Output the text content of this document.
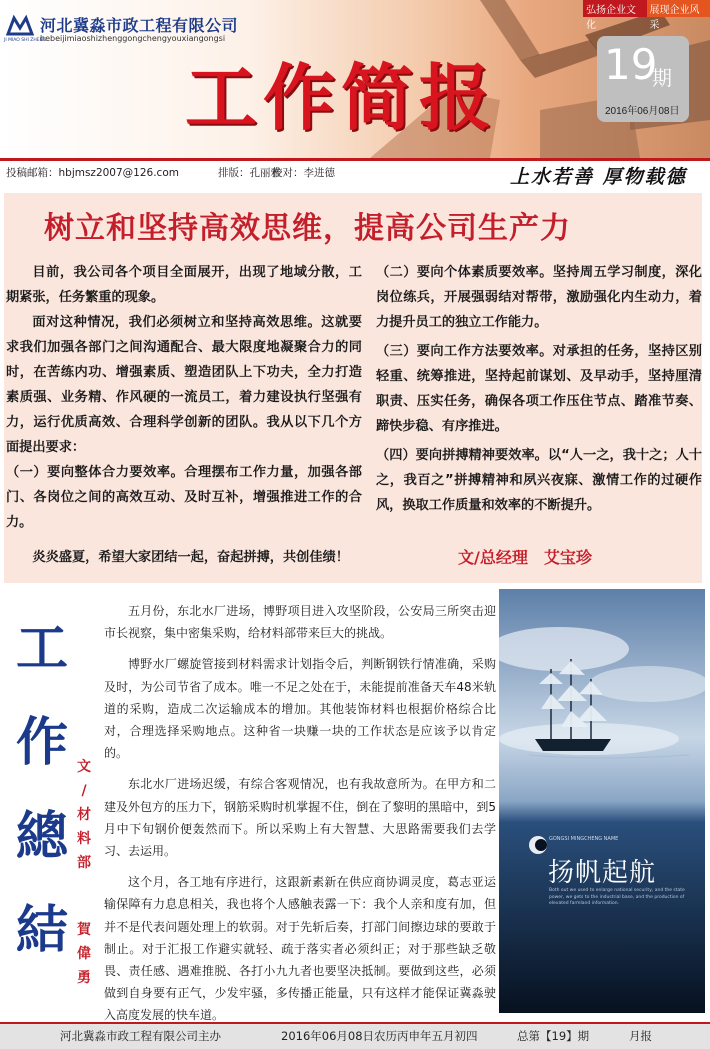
JI MIAO SHI ZHENG
河北冀淼市政工程有限公司
hebeijimiaoshizhenggongchengyouxiangongsi
弘扬企业文化
展现企业风采
工作简报	19
期
2016年06月08日
投稿邮箱：hbjmsz2007@126.com	排版：孔丽雅
校对：李进德	上水若善 厚物载德
树立和坚持高效思维，提高公司生产力

目前，我公司各个项目全面展开，出现了地域分散，工期紧张，任务繁重的现象。

面对这种情况，我们必须树立和坚持高效思维。这就要求我们加强各部门之间沟通配合、最大限度地凝聚合力的同时，在苦练内功、增强素质、塑造团队上下功夫，全力打造素质强、业务精、作风硬的一流员工，着力建设执行坚强有力，运行优质高效、合理科学创新的团队。我从以下几个方面提出要求：

（一）要向整体合力要效率。合理摆布工作力量，加强各部门、各岗位之间的高效互动、及时互补，增强推进工作的合力。

炎炎盛夏，希望大家团结一起，奋起拼搏，共创佳绩！

（二）要向个体素质要效率。坚持周五学习制度，深化岗位练兵，开展强弱结对帮带，激励强化内生动力，着力提升员工的独立工作能力。

（三）要向工作方法要效率。对承担的任务，坚持区别轻重、统筹推进，坚持起前谋划、及早动手，坚持厘清职责、压实任务，确保各项工作压住节点、踏准节奏、蹄快步稳、有序推进。

（四）要向拼搏精神要效率。以“人一之，我十之；人十之，我百之”拼搏精神和夙兴夜寐、激情工作的过硬作风，换取工作质量和效率的不断提升。

文/总经理　艾宝珍
工
作
總
結
文
/
材
料
部
賀
偉
勇

五月份，东北水厂进场，博野项目进入攻坚阶段，公安局三所突击迎市长视察，集中密集采购，给材料部带来巨大的挑战。

博野水厂螺旋管接到材料需求计划指令后，判断钢铁行情准确，采购及时，为公司节省了成本。唯一不足之处在于，未能提前准备天车48米轨道的采购，造成二次运输成本的增加。其他装饰材料也根据价格综合比对，合理选择采购地点。这种省一块赚一块的工作状态是应该予以肯定的。

东北水厂进场迟缓，有综合客观情况，也有我故意所为。在甲方和二建及外包方的压力下，钢筋采购时机掌握不住，倒在了黎明的黑暗中，到5月中下旬钢价便轰然而下。所以采购上有大智慧、大思路需要我们去学习、去运用。

这个月，各工地有序进行，这跟新素新在供应商协调灵度，葛志亚运输保障有力息息相关，我也将个人感触表露一下：我个人亲和度有加，但并不是代表问题处理上的软弱。对于先斩后奏，打部门间擦边球的要敢于制止。对于汇报工作避实就轻、疏于落实者必须纠正；对于那些缺乏敬畏、责任感、遇难推脱、各打小九九者也要坚决抵制。要做到这些，必须做到自身要有正气，少发牢骚，多传播正能量，只有这样才能保证冀淼驶入高度发展的快车道。

GONGSI MINGCHENG NAME
扬帆起航
Both out we used to enlarge national security, and the state power, we gets to the industrial base, and the production of elevated farmland information.
河北冀淼市政工程有限公司主办	2016年06月08日农历丙申年五月初四	总第【19】期	月报
